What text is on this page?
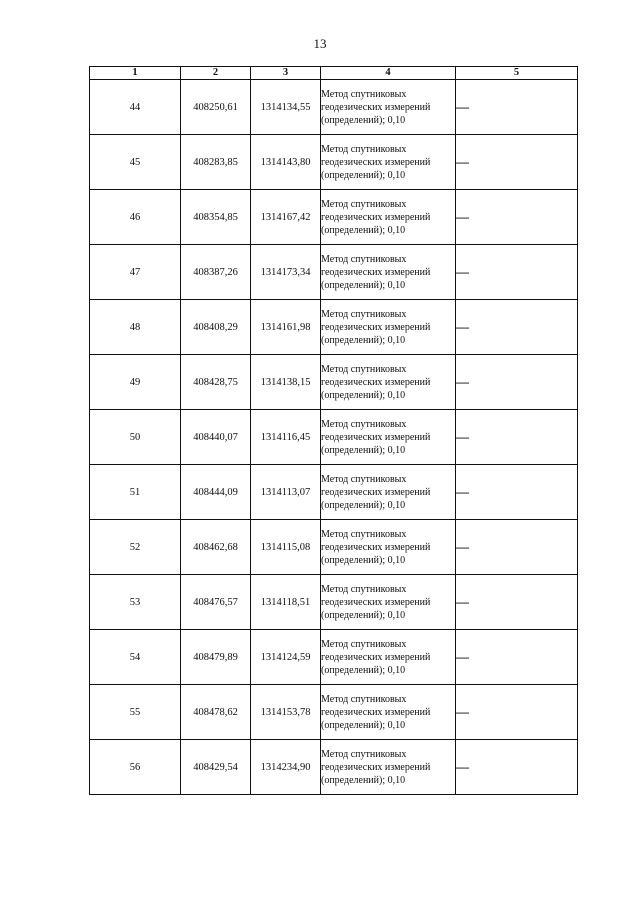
13
1	2	3	4	5
44	408250,61	1314134,55	Метод спутниковых геодезических измерений (определений); 0,10	—
45	408283,85	1314143,80	Метод спутниковых геодезических измерений (определений); 0,10	—
46	408354,85	1314167,42	Метод спутниковых геодезических измерений (определений); 0,10	—
47	408387,26	1314173,34	Метод спутниковых геодезических измерений (определений); 0,10	—
48	408408,29	1314161,98	Метод спутниковых геодезических измерений (определений); 0,10	—
49	408428,75	1314138,15	Метод спутниковых геодезических измерений (определений); 0,10	—
50	408440,07	1314116,45	Метод спутниковых геодезических измерений (определений); 0,10	—
51	408444,09	1314113,07	Метод спутниковых геодезических измерений (определений); 0,10	—
52	408462,68	1314115,08	Метод спутниковых геодезических измерений (определений); 0,10	—
53	408476,57	1314118,51	Метод спутниковых геодезических измерений (определений); 0,10	—
54	408479,89	1314124,59	Метод спутниковых геодезических измерений (определений); 0,10	—
55	408478,62	1314153,78	Метод спутниковых геодезических измерений (определений); 0,10	—
56	408429,54	1314234,90	Метод спутниковых геодезических измерений (определений); 0,10	—
